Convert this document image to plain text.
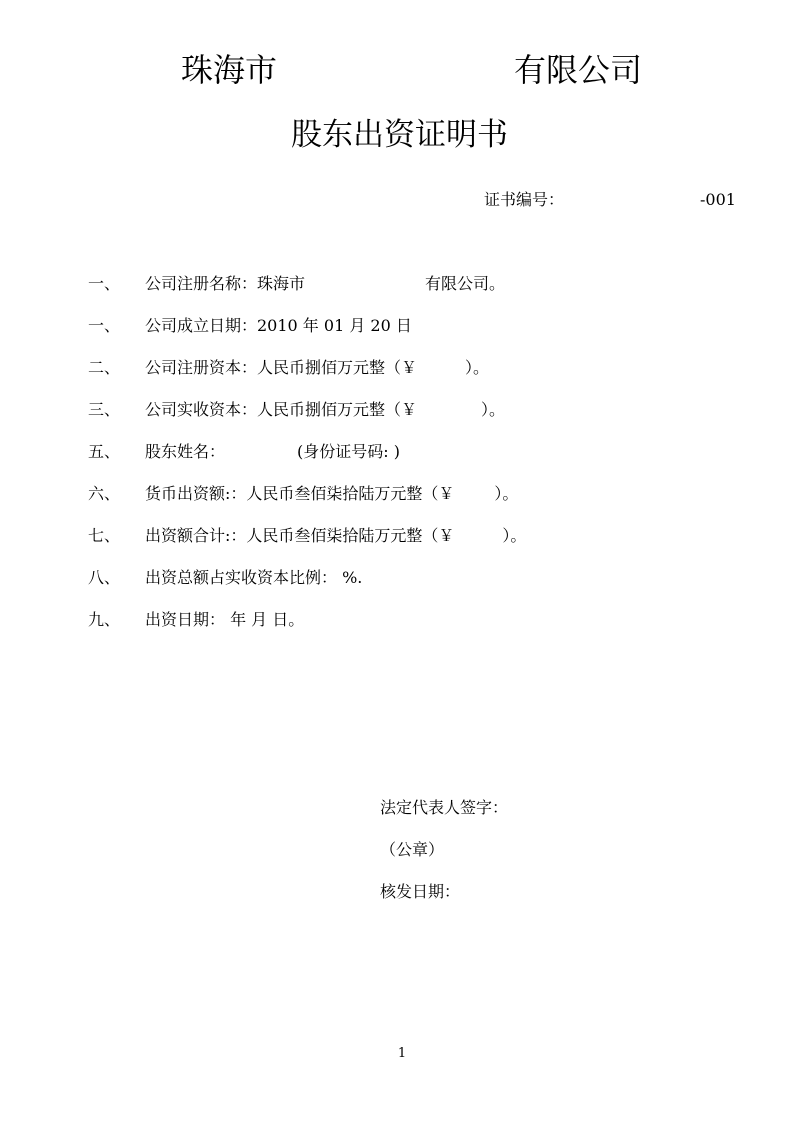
珠海市	有限公司
股东出资证明书
证书编号：	-001
一、 公司注册名称：珠海市	有限公司。
一、 公司成立日期：2010 年 01 月 20 日
二、 公司注册资本：人民币捌佰万元整（￥	）。
三、 公司实收资本：人民币捌佰万元整（￥	）。
五、 股东姓名：	(身份证号码: )
六、 货币出资额:：人民币叁佰柒拾陆万元整（￥	）。
七、 出资额合计:：人民币叁佰柒拾陆万元整（￥	）。
八、 出资总额占实收资本比例： %.
九、 出资日期： 年 月 日。
法定代表人签字：
（公章）
核发日期：
1
